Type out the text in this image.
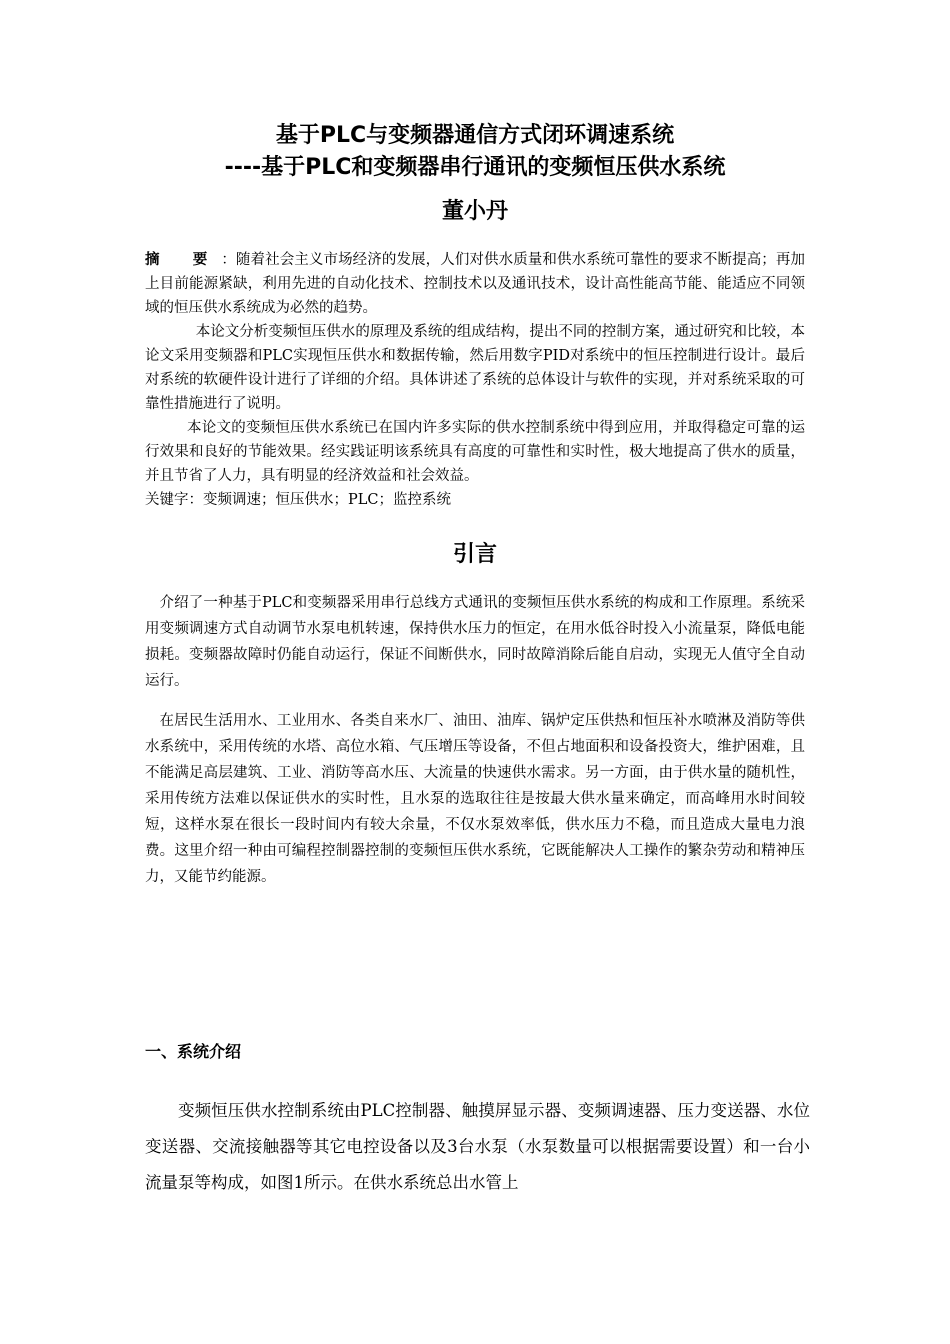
基于PLC与变频器通信方式闭环调速系统
----基于PLC和变频器串行通讯的变频恒压供水系统
董小丹

摘 要：随着社会主义市场经济的发展，人们对供水质量和供水系统可靠性的要求不断提高；再加上目前能源紧缺，利用先进的自动化技术、控制技术以及通讯技术，设计高性能高节能、能适应不同领域的恒压供水系统成为必然的趋势。

本论文分析变频恒压供水的原理及系统的组成结构，提出不同的控制方案，通过研究和比较，本论文采用变频器和PLC实现恒压供水和数据传输，然后用数字PID对系统中的恒压控制进行设计。最后对系统的软硬件设计进行了详细的介绍。具体讲述了系统的总体设计与软件的实现，并对系统采取的可靠性措施进行了说明。

本论文的变频恒压供水系统已在国内许多实际的供水控制系统中得到应用，并取得稳定可靠的运行效果和良好的节能效果。经实践证明该系统具有高度的可靠性和实时性，极大地提高了供水的质量，并且节省了人力，具有明显的经济效益和社会效益。

关键字：变频调速；恒压供水；PLC；监控系统

引言

介绍了一种基于PLC和变频器采用串行总线方式通讯的变频恒压供水系统的构成和工作原理。系统采用变频调速方式自动调节水泵电机转速，保持供水压力的恒定，在用水低谷时投入小流量泵，降低电能损耗。变频器故障时仍能自动运行，保证不间断供水，同时故障消除后能自启动，实现无人值守全自动运行。

在居民生活用水、工业用水、各类自来水厂、油田、油库、锅炉定压供热和恒压补水喷淋及消防等供水系统中，采用传统的水塔、高位水箱、气压增压等设备，不但占地面积和设备投资大，维护困难，且不能满足高层建筑、工业、消防等高水压、大流量的快速供水需求。另一方面，由于供水量的随机性，采用传统方法难以保证供水的实时性，且水泵的选取往往是按最大供水量来确定，而高峰用水时间较短，这样水泵在很长一段时间内有较大余量，不仅水泵效率低，供水压力不稳，而且造成大量电力浪费。这里介绍一种由可编程控制器控制的变频恒压供水系统，它既能解决人工操作的繁杂劳动和精神压力，又能节约能源。

一、系统介绍

变频恒压供水控制系统由PLC控制器、触摸屏显示器、变频调速器、压力变送器、水位变送器、交流接触器等其它电控设备以及3台水泵（水泵数量可以根据需要设置）和一台小流量泵等构成，如图1所示。在供水系统总出水管上
